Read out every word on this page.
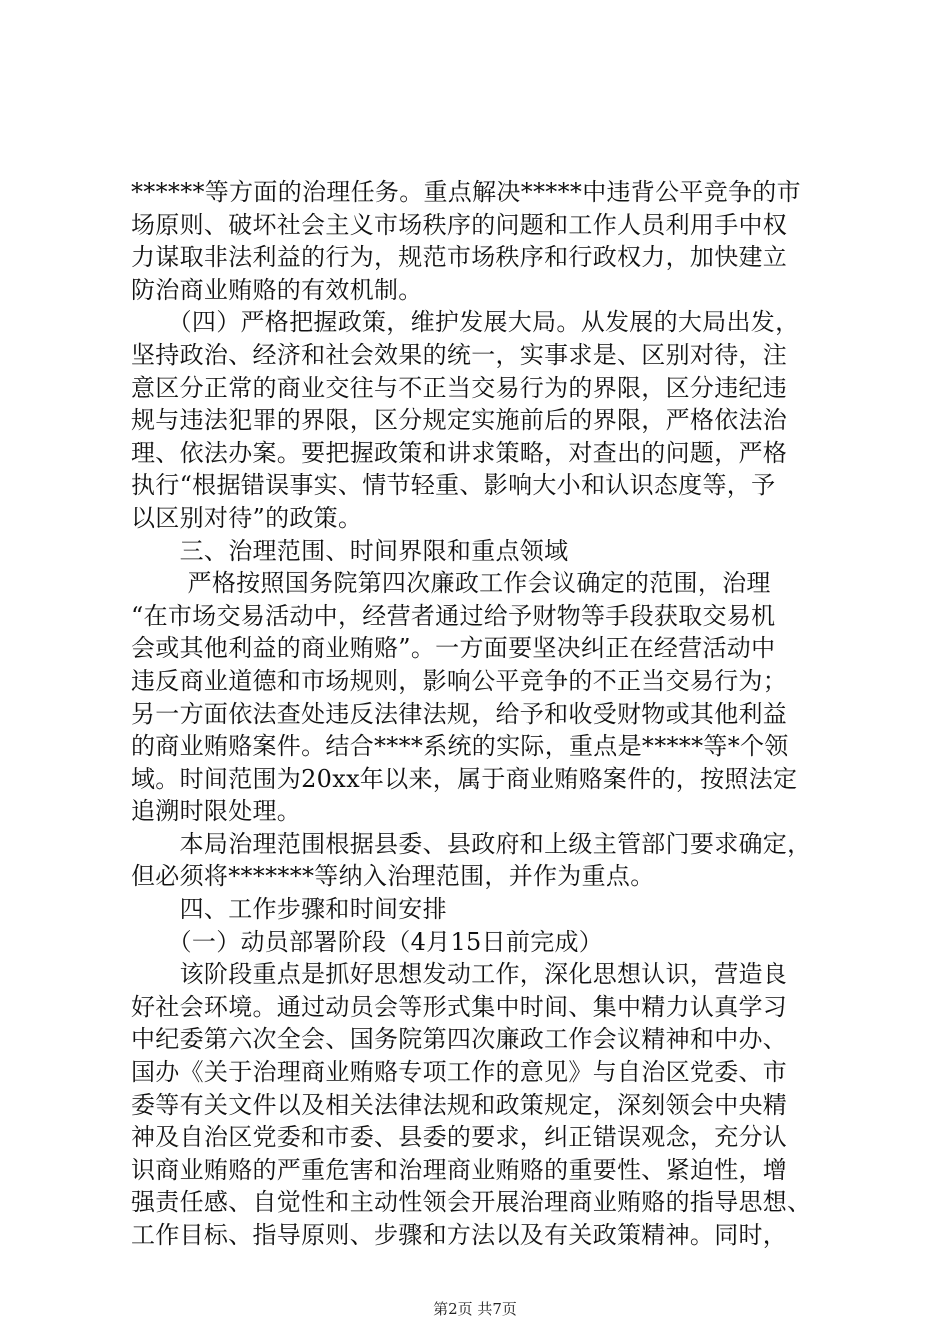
******等方面的治理任务。重点解决*****中违背公平竞争的市
场原则、破坏社会主义市场秩序的问题和工作人员利用手中权
力谋取非法利益的行为，规范市场秩序和行政权力，加快建立
防治商业贿赂的有效机制。
　　（四）严格把握政策，维护发展大局。从发展的大局出发，
坚持政治、经济和社会效果的统一，实事求是、区别对待，注
意区分正常的商业交往与不正当交易行为的界限，区分违纪违
规与违法犯罪的界限，区分规定实施前后的界限，严格依法治
理、依法办案。要把握政策和讲求策略，对查出的问题，严格
执行“根据错误事实、情节轻重、影响大小和认识态度等，予
以区别对待”的政策。
　　三、治理范围、时间界限和重点领域
　　 严格按照国务院第四次廉政工作会议确定的范围，治理
“在市场交易活动中，经营者通过给予财物等手段获取交易机
会或其他利益的商业贿赂”。一方面要坚决纠正在经营活动中
违反商业道德和市场规则，影响公平竞争的不正当交易行为；
另一方面依法查处违反法律法规，给予和收受财物或其他利益
的商业贿赂案件。结合****系统的实际，重点是*****等*个领
域。时间范围为20xx年以来，属于商业贿赂案件的，按照法定
追溯时限处理。
　　本局治理范围根据县委、县政府和上级主管部门要求确定，
但必须将*******等纳入治理范围，并作为重点。
　　四、工作步骤和时间安排
　　（一）动员部署阶段（4月15日前完成）
　　该阶段重点是抓好思想发动工作，深化思想认识，营造良
好社会环境。通过动员会等形式集中时间、集中精力认真学习
中纪委第六次全会、国务院第四次廉政工作会议精神和中办、
国办《关于治理商业贿赂专项工作的意见》与自治区党委、市
委等有关文件以及相关法律法规和政策规定，深刻领会中央精
神及自治区党委和市委、县委的要求，纠正错误观念，充分认
识商业贿赂的严重危害和治理商业贿赂的重要性、紧迫性，增
强责任感、自觉性和主动性领会开展治理商业贿赂的指导思想、
工作目标、指导原则、步骤和方法以及有关政策精神。同时，
第2页 共7页
